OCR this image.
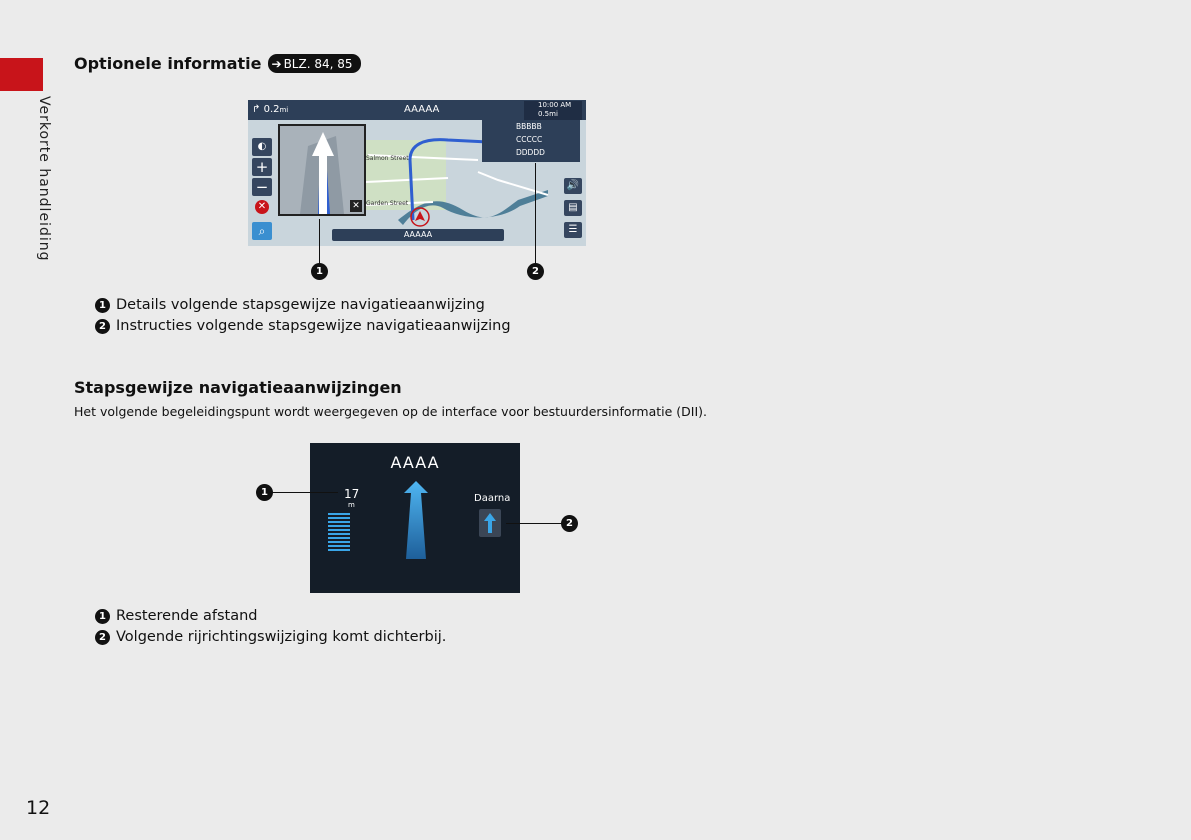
Verkorte handleiding
Optionele informatie ➔ BLZ. 84, 85
↱ 0.2mi	AAAAA	10:00 AM
0.5mi
✕
◐
+
−
✕
⌕
Salmon Street
Garden Street
BBBBB
CCCCC
DDDDD
🔊
▤
☰
AAAAA
1	2
1 Details volgende stapsgewijze navigatieaanwijzing
2 Instructies volgende stapsgewijze navigatieaanwijzing
Stapsgewijze navigatieaanwijzingen
Het volgende begeleidingspunt wordt weergegeven op de interface voor bestuurdersinformatie (DII).
AAAA
17
m
Daarna
1
2
1 Resterende afstand
2 Volgende rijrichtingswijziging komt dichterbij.
12
